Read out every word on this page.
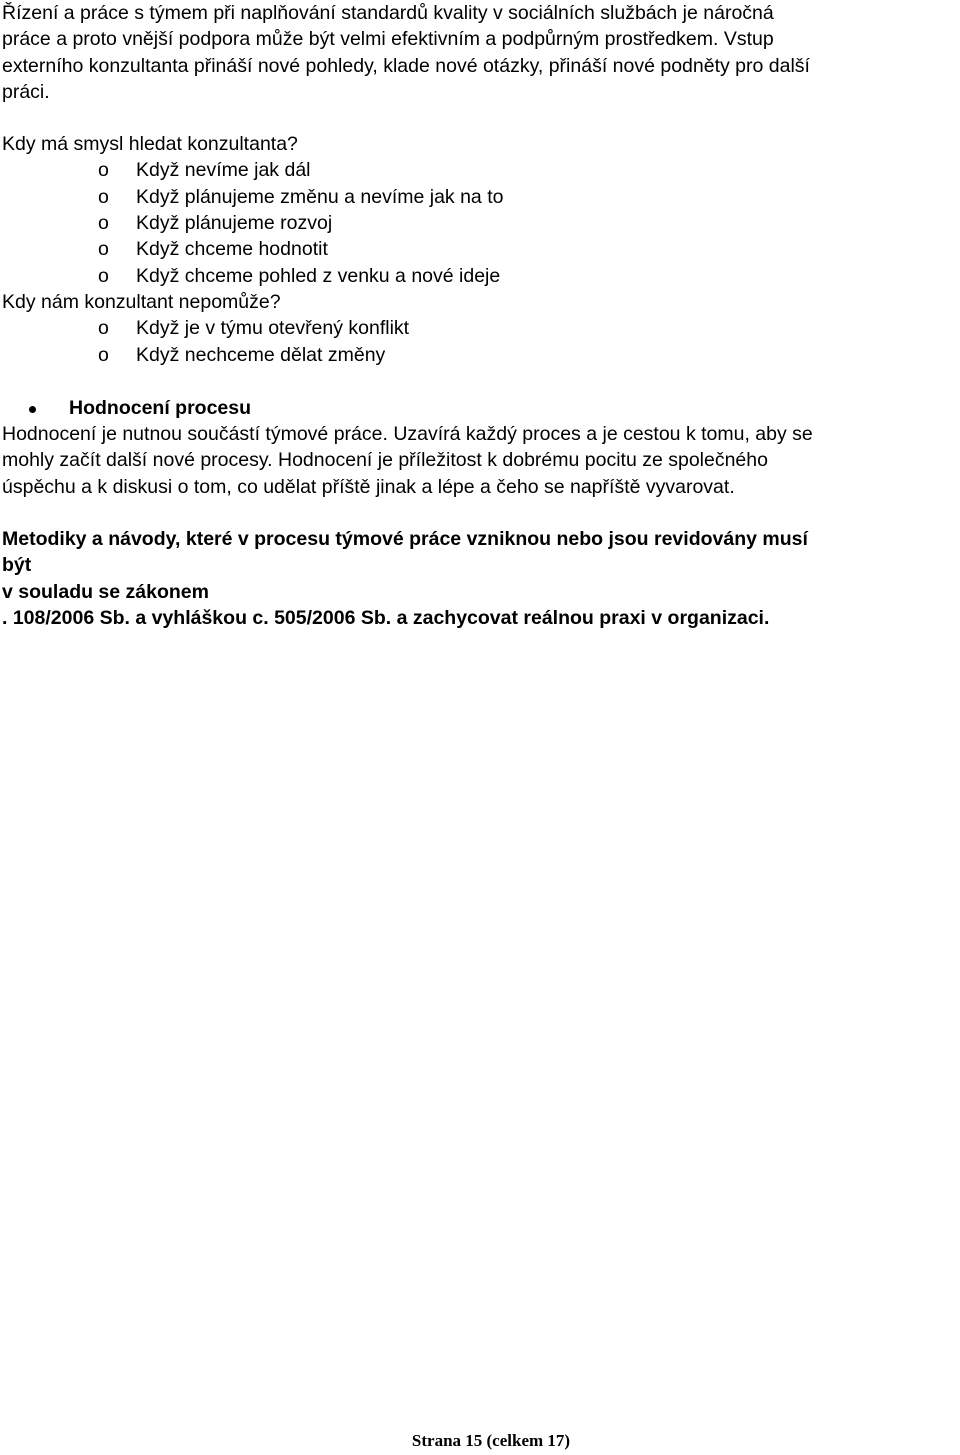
Řízení a práce s týmem při naplňování standardů kvality v sociálních službách je náročná

práce a proto vnější podpora může být velmi efektivním a podpůrným prostředkem. Vstup

externího konzultanta přináší nové pohledy, klade nové otázky, přináší nové podněty pro další

práci.

Kdy má smysl hledat konzultanta?

o Když nevíme jak dál
o Když plánujeme změnu a nevíme jak na to
o Když plánujeme rozvoj
o Když chceme hodnotit
o Když chceme pohled z venku a nové ideje

Kdy nám konzultant nepomůže?

o Když je v týmu otevřený konflikt
o Když nechceme dělat změny

Hodnocení procesu

Hodnocení je nutnou součástí týmové práce. Uzavírá každý proces a je cestou k tomu, aby se

mohly začít další nové procesy. Hodnocení je příležitost k dobrému pocitu ze společného

úspěchu a k diskusi o tom, co udělat příště jinak a lépe a čeho se napříště vyvarovat.

Metodiky a návody, které v procesu týmové práce vzniknou nebo jsou revidovány musí

být

v souladu se zákonem

. 108/2006 Sb. a vyhláškou c. 505/2006 Sb. a zachycovat reálnou praxi v organizaci.

Strana 15 (celkem 17)
